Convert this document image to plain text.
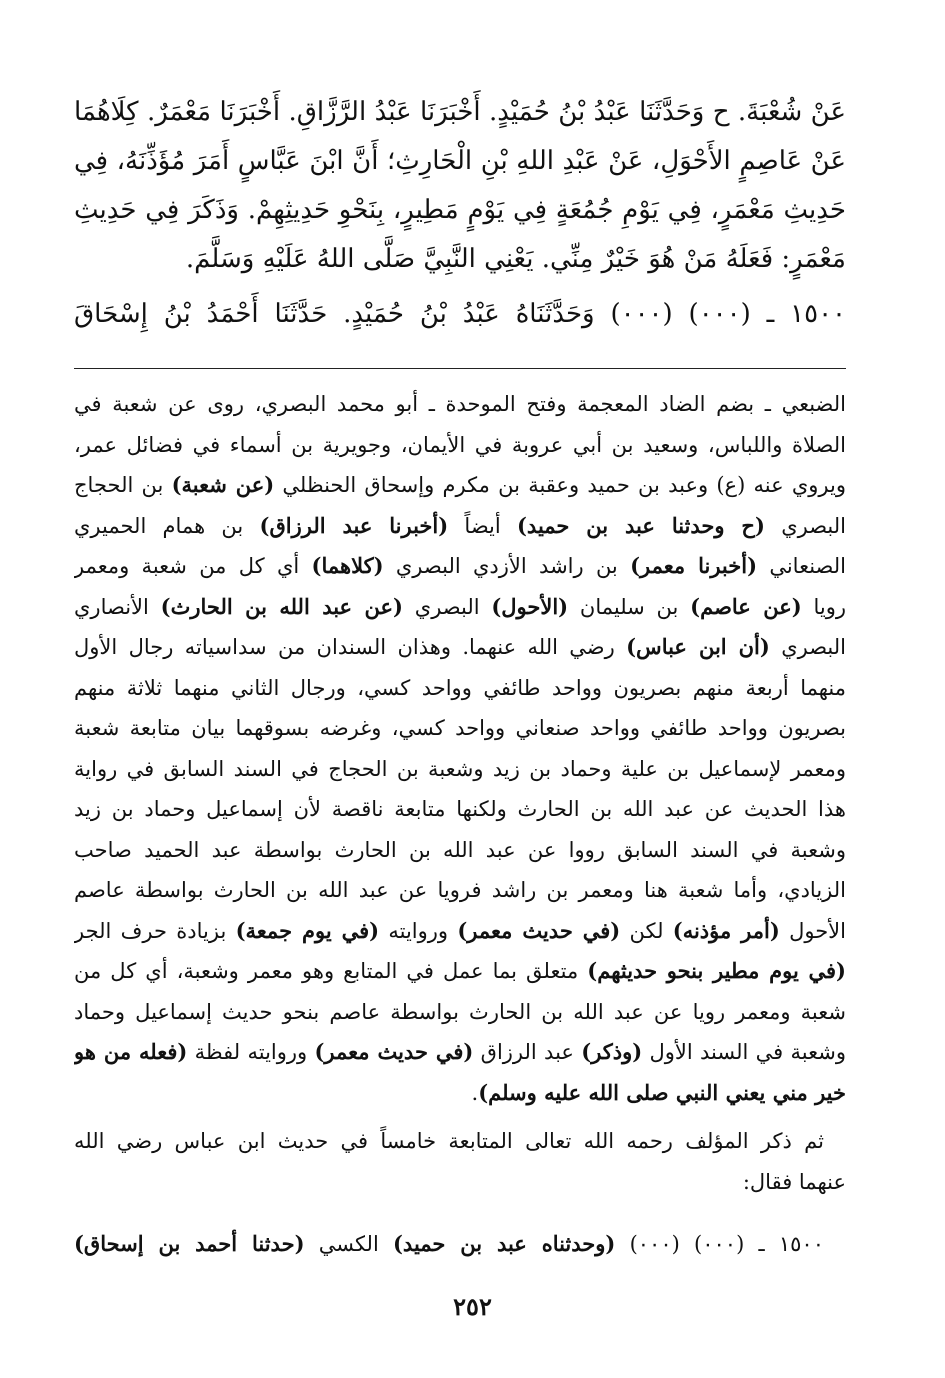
عَنْ شُعْبَةَ. ح وَحَدَّثَنَا عَبْدُ بْنُ حُمَيْدٍ. أَخْبَرَنَا عَبْدُ الرَّزَّاقِ. أَخْبَرَنَا مَعْمَرٌ. كِلَاهُمَا
عَنْ عَاصِمٍ الأَحْوَلِ، عَنْ عَبْدِ اللهِ بْنِ الْحَارِثِ؛ أَنَّ ابْنَ عَبَّاسٍ أَمَرَ مُؤَذِّنَهُ، فِي
حَدِيثِ مَعْمَرٍ، فِي يَوْمِ جُمُعَةٍ فِي يَوْمٍ مَطِيرٍ، بِنَحْوِ حَدِيثِهِمْ. وَذَكَرَ فِي حَدِيثِ
مَعْمَرٍ: فَعَلَهُ مَنْ هُوَ خَيْرٌ مِنِّي. يَعْنِي النَّبِيَّ صَلَّى اللهُ عَلَيْهِ وَسَلَّمَ.

١٥٠٠ ـ (٠٠٠) (٠٠٠) وَحَدَّثَنَاهُ عَبْدُ بْنُ حُمَيْدٍ. حَدَّثَنَا أَحْمَدُ بْنُ إِسْحَاقَ

الضبعي ـ بضم الضاد المعجمة وفتح الموحدة ـ أبو محمد البصري، روى عن شعبة في
الصلاة واللباس، وسعيد بن أبي عروبة في الأيمان، وجويرية بن أسماء في فضائل عمر،
ويروي عنه (ع) وعبد بن حميد وعقبة بن مكرم وإسحاق الحنظلي (عن شعبة) بن الحجاج
البصري (ح وحدثنا عبد بن حميد) أيضاً (أخبرنا عبد الرزاق) بن همام الحميري
الصنعاني (أخبرنا معمر) بن راشد الأزدي البصري (كلاهما) أي كل من شعبة ومعمر
رويا (عن عاصم) بن سليمان (الأحول) البصري (عن عبد الله بن الحارث) الأنصاري
البصري (أن ابن عباس) رضي الله عنهما. وهذان السندان من سداسياته رجال الأول
منهما أربعة منهم بصريون وواحد طائفي وواحد كسي، ورجال الثاني منهما ثلاثة منهم
بصريون وواحد طائفي وواحد صنعاني وواحد كسي، وغرضه بسوقهما بيان متابعة شعبة
ومعمر لإسماعيل بن علية وحماد بن زيد وشعبة بن الحجاج في السند السابق في رواية
هذا الحديث عن عبد الله بن الحارث ولكنها متابعة ناقصة لأن إسماعيل وحماد بن زيد
وشعبة في السند السابق رووا عن عبد الله بن الحارث بواسطة عبد الحميد صاحب
الزيادي، وأما شعبة هنا ومعمر بن راشد فرويا عن عبد الله بن الحارث بواسطة عاصم
الأحول (أمر مؤذنه) لكن (في حديث معمر) وروايته (في يوم جمعة) بزيادة حرف الجر
(في يوم مطير بنحو حديثهم) متعلق بما عمل في المتابع وهو معمر وشعبة، أي كل من
شعبة ومعمر رويا عن عبد الله بن الحارث بواسطة عاصم بنحو حديث إسماعيل وحماد
وشعبة في السند الأول (وذكر) عبد الرزاق (في حديث معمر) وروايته لفظة (فعله من هو
خير مني يعني النبي صلى الله عليه وسلم).
ثم ذكر المؤلف رحمه الله تعالى المتابعة خامساً في حديث ابن عباس رضي الله
عنهما فقال:
١٥٠٠ ـ (٠٠٠) (٠٠٠) (وحدثناه عبد بن حميد) الكسي (حدثنا أحمد بن إسحاق)
٢٥٢
